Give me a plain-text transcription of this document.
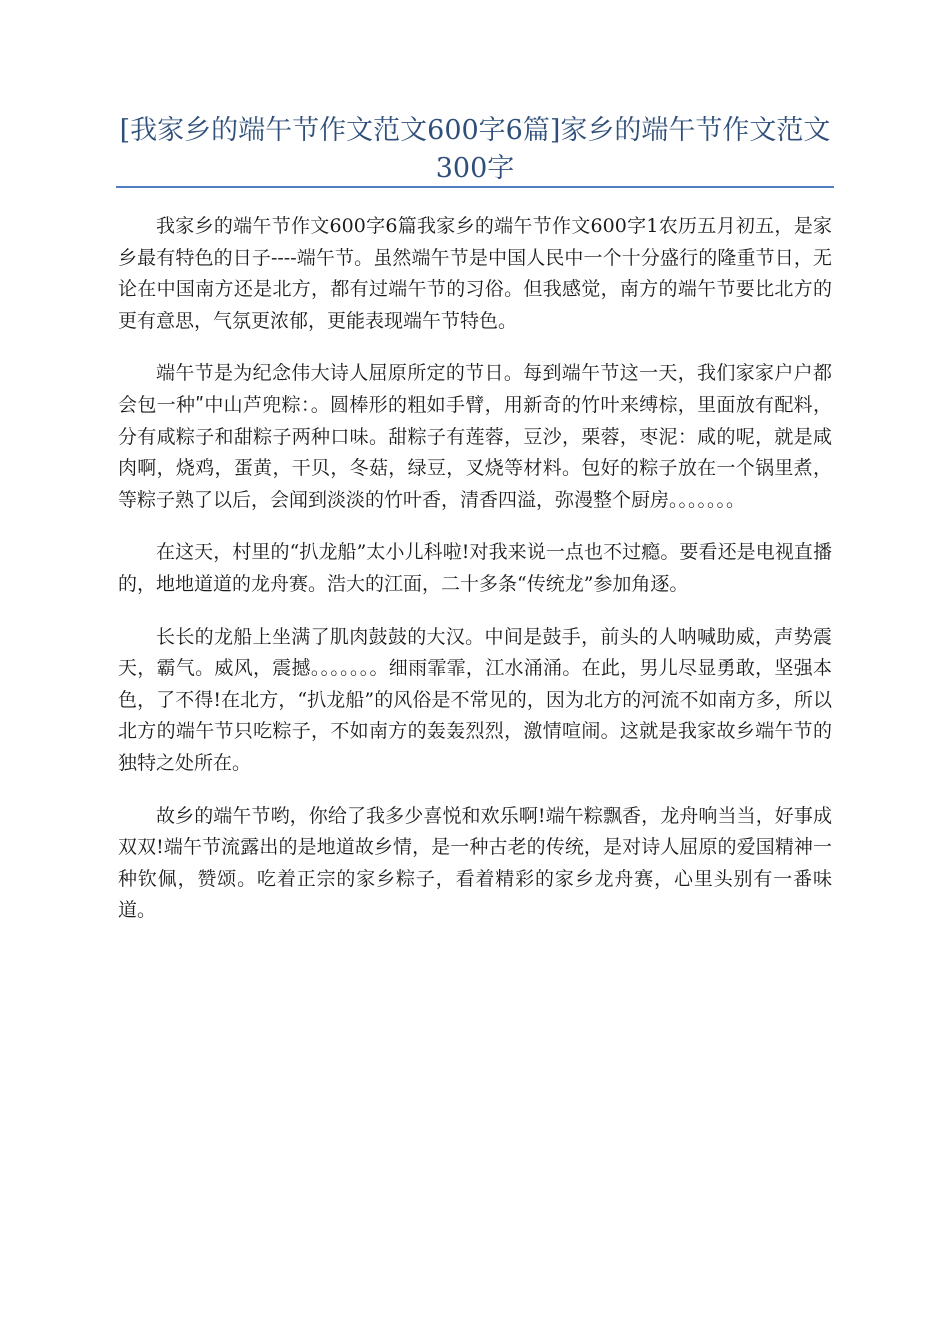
[我家乡的端午节作文范文600字6篇]家乡的端午节作文范文300字

我家乡的端午节作文600字6篇我家乡的端午节作文600字1农历五月初五，是家乡最有特色的日子----端午节。虽然端午节是中国人民中一个十分盛行的隆重节日，无论在中国南方还是北方，都有过端午节的习俗。但我感觉，南方的端午节要比北方的更有意思，气氛更浓郁，更能表现端午节特色。

端午节是为纪念伟大诗人屈原所定的节日。每到端午节这一天，我们家家户户都会包一种ʺ中山芦兜粽：。圆棒形的粗如手臂，用新奇的竹叶来缚棕，里面放有配料，分有咸粽子和甜粽子两种口味。甜粽子有莲蓉，豆沙，栗蓉，枣泥：咸的呢，就是咸肉啊，烧鸡，蛋黄，干贝，冬菇，绿豆，叉烧等材料。包好的粽子放在一个锅里煮，等粽子熟了以后，会闻到淡淡的竹叶香，清香四溢，弥漫整个厨房。。。。。。。

在这天，村里的“扒龙船”太小儿科啦!对我来说一点也不过瘾。要看还是电视直播的，地地道道的龙舟赛。浩大的江面，二十多条“传统龙”参加角逐。

长长的龙船上坐满了肌肉鼓鼓的大汉。中间是鼓手，前头的人呐喊助威，声势震天，霸气。威风，震撼。。。。。。。细雨霏霏，江水涌涌。在此，男儿尽显勇敢，坚强本色，了不得!在北方，“扒龙船”的风俗是不常见的，因为北方的河流不如南方多，所以北方的端午节只吃粽子，不如南方的轰轰烈烈，激情喧闹。这就是我家故乡端午节的独特之处所在。

故乡的端午节哟，你给了我多少喜悦和欢乐啊!端午粽飘香，龙舟响当当，好事成双双!端午节流露出的是地道故乡情，是一种古老的传统，是对诗人屈原的爱国精神一种钦佩，赞颂。吃着正宗的家乡粽子，看着精彩的家乡龙舟赛，心里头别有一番味道。
